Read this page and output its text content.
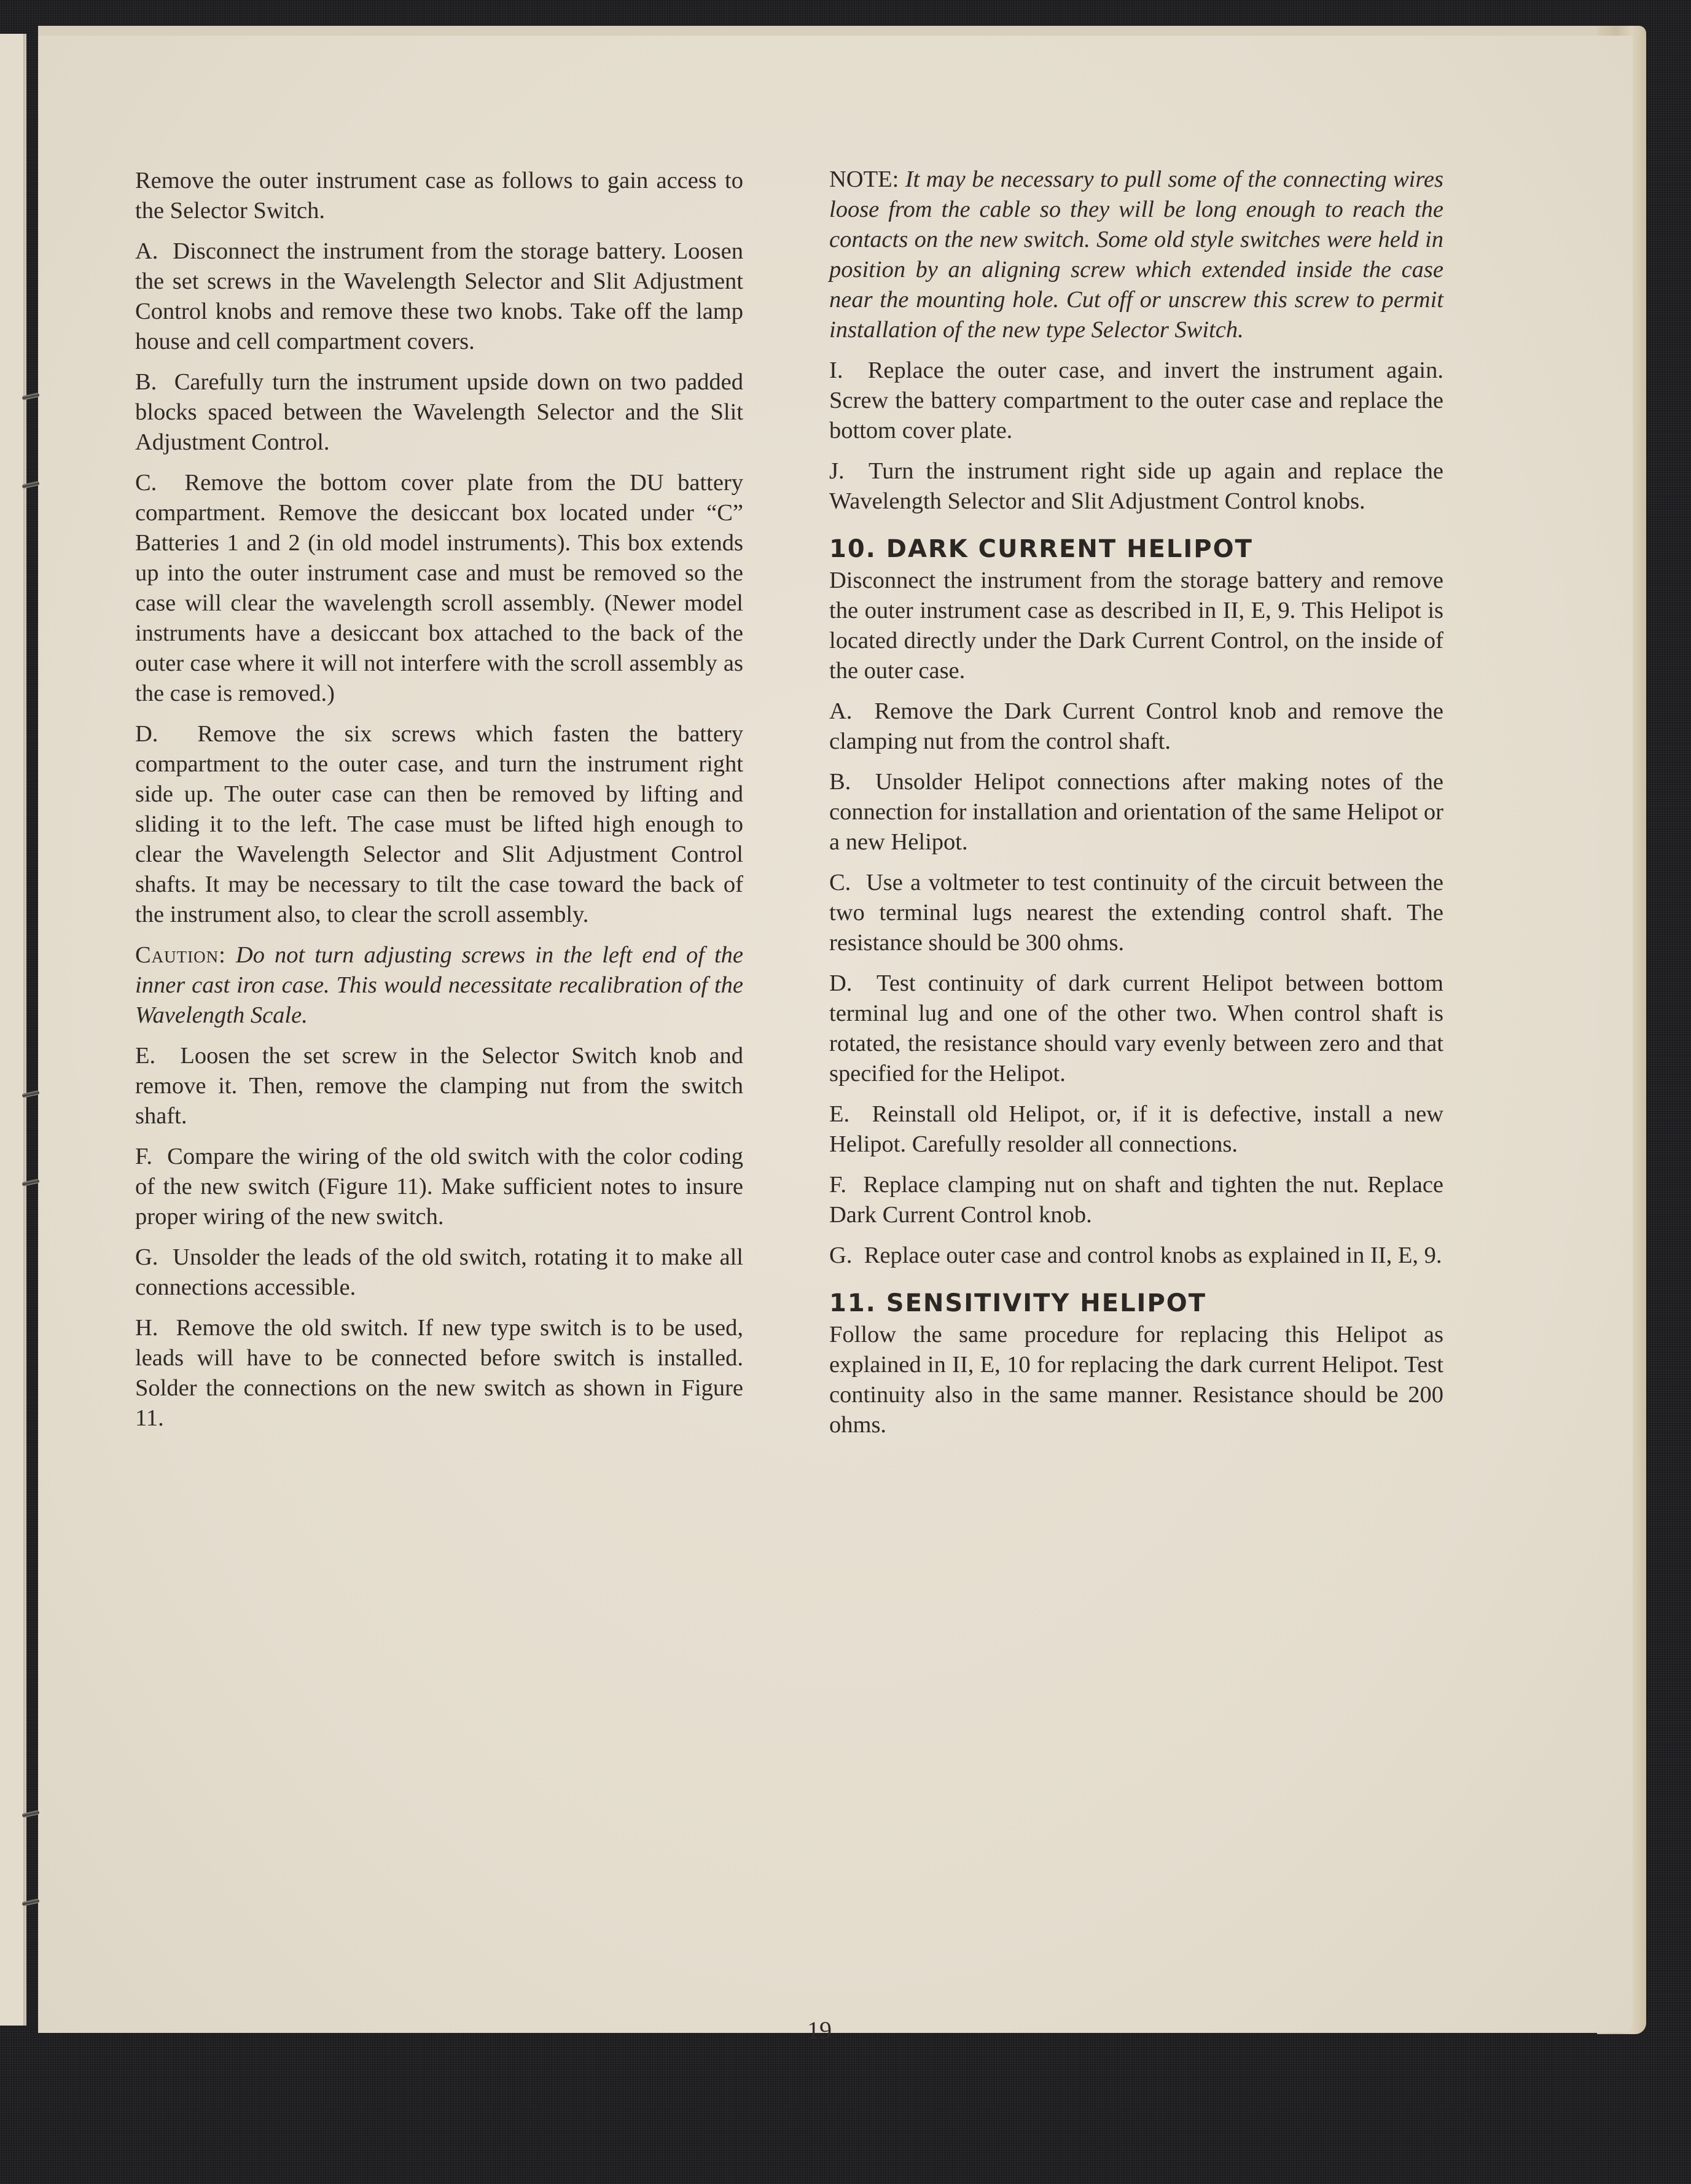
Remove the outer instrument case as follows to gain access to the Selector Switch.

A. Disconnect the instrument from the storage battery. Loosen the set screws in the Wavelength Selector and Slit Adjustment Control knobs and remove these two knobs. Take off the lamp house and cell compartment covers.

B. Carefully turn the instrument upside down on two padded blocks spaced between the Wavelength Selector and the Slit Adjustment Control.

C. Remove the bottom cover plate from the DU battery compartment. Remove the desiccant box located under “C” Batteries 1 and 2 (in old model instruments). This box extends up into the outer instrument case and must be removed so the case will clear the wavelength scroll assembly. (Newer model instruments have a desiccant box attached to the back of the outer case where it will not interfere with the scroll assembly as the case is removed.)

D. Remove the six screws which fasten the battery compartment to the outer case, and turn the instrument right side up. The outer case can then be removed by lifting and sliding it to the left. The case must be lifted high enough to clear the Wavelength Selector and Slit Adjustment Control shafts. It may be necessary to tilt the case toward the back of the instrument also, to clear the scroll assembly.

Caution: Do not turn adjusting screws in the left end of the inner cast iron case. This would necessitate recalibration of the Wavelength Scale.

E. Loosen the set screw in the Selector Switch knob and remove it. Then, remove the clamping nut from the switch shaft.

F. Compare the wiring of the old switch with the color coding of the new switch (Figure 11). Make sufficient notes to insure proper wiring of the new switch.

G. Unsolder the leads of the old switch, rotating it to make all connections accessible.

H. Remove the old switch. If new type switch is to be used, leads will have to be connected before switch is installed. Solder the connections on the new switch as shown in Figure 11.

NOTE: It may be necessary to pull some of the connecting wires loose from the cable so they will be long enough to reach the contacts on the new switch. Some old style switches were held in position by an aligning screw which extended inside the case near the mounting hole. Cut off or unscrew this screw to permit installation of the new type Selector Switch.

I. Replace the outer case, and invert the instrument again. Screw the battery compartment to the outer case and replace the bottom cover plate.

J. Turn the instrument right side up again and replace the Wavelength Selector and Slit Adjustment Control knobs.

10. DARK CURRENT HELIPOT

Disconnect the instrument from the storage battery and remove the outer instrument case as described in II, E, 9. This Helipot is located directly under the Dark Current Control, on the inside of the outer case.

A. Remove the Dark Current Control knob and remove the clamping nut from the control shaft.

B. Unsolder Helipot connections after making notes of the connection for installation and orientation of the same Helipot or a new Helipot.

C. Use a voltmeter to test continuity of the circuit between the two terminal lugs nearest the extending control shaft. The resistance should be 300 ohms.

D. Test continuity of dark current Helipot between bottom terminal lug and one of the other two. When control shaft is rotated, the resistance should vary evenly between zero and that specified for the Helipot.

E. Reinstall old Helipot, or, if it is defective, install a new Helipot. Carefully resolder all connections.

F. Replace clamping nut on shaft and tighten the nut. Replace Dark Current Control knob.

G. Replace outer case and control knobs as explained in II, E, 9.

11. SENSITIVITY HELIPOT

Follow the same procedure for replacing this Helipot as explained in II, E, 10 for replacing the dark current Helipot. Test continuity also in the same manner. Resistance should be 200 ohms.

19
